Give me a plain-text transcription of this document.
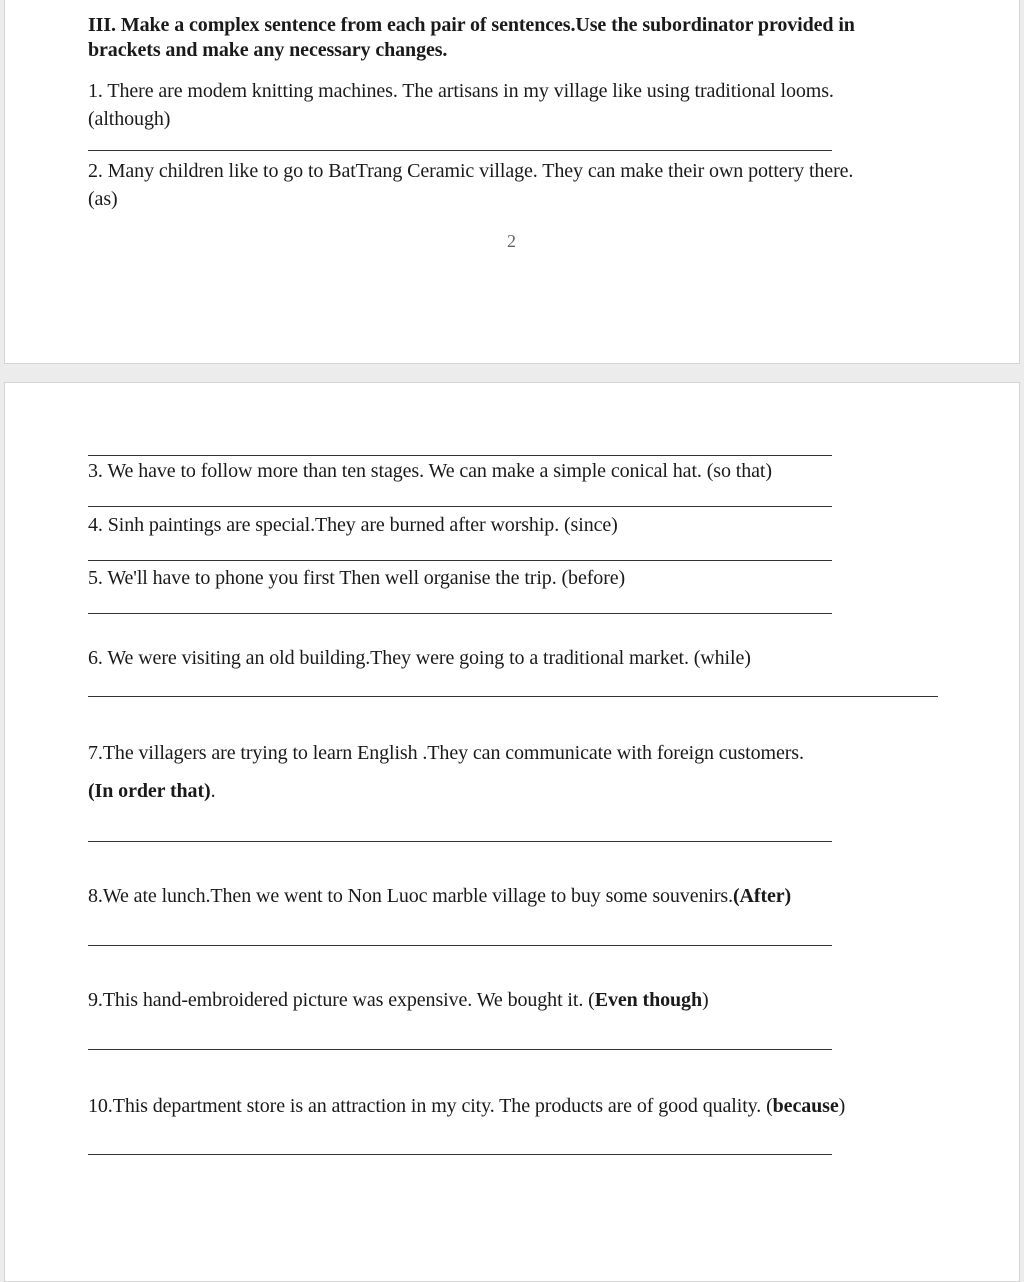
III. Make a complex sentence from each pair of sentences.Use the subordinator provided in
brackets and make any necessary changes.
1. There are modem knitting machines. The artisans in my village like using traditional looms.
(although)
2. Many children like to go to BatTrang Ceramic village. They can make their own pottery there.
(as)
2
3. We have to follow more than ten stages. We can make a simple conical hat. (so that)
4. Sinh paintings are special.They are burned after worship. (since)
5. We'll have to phone you first Then well organise the trip. (before)
6. We were visiting an old building.They were going to a traditional market. (while)
7.The villagers are trying to learn English .They can communicate with foreign customers.
(In order that).
8.We ate lunch.Then we went to Non Luoc marble village to buy some souvenirs.(After)
9.This hand-embroidered picture was expensive. We bought it. (Even though)
10.This department store is an attraction in my city. The products are of good quality. (because)
